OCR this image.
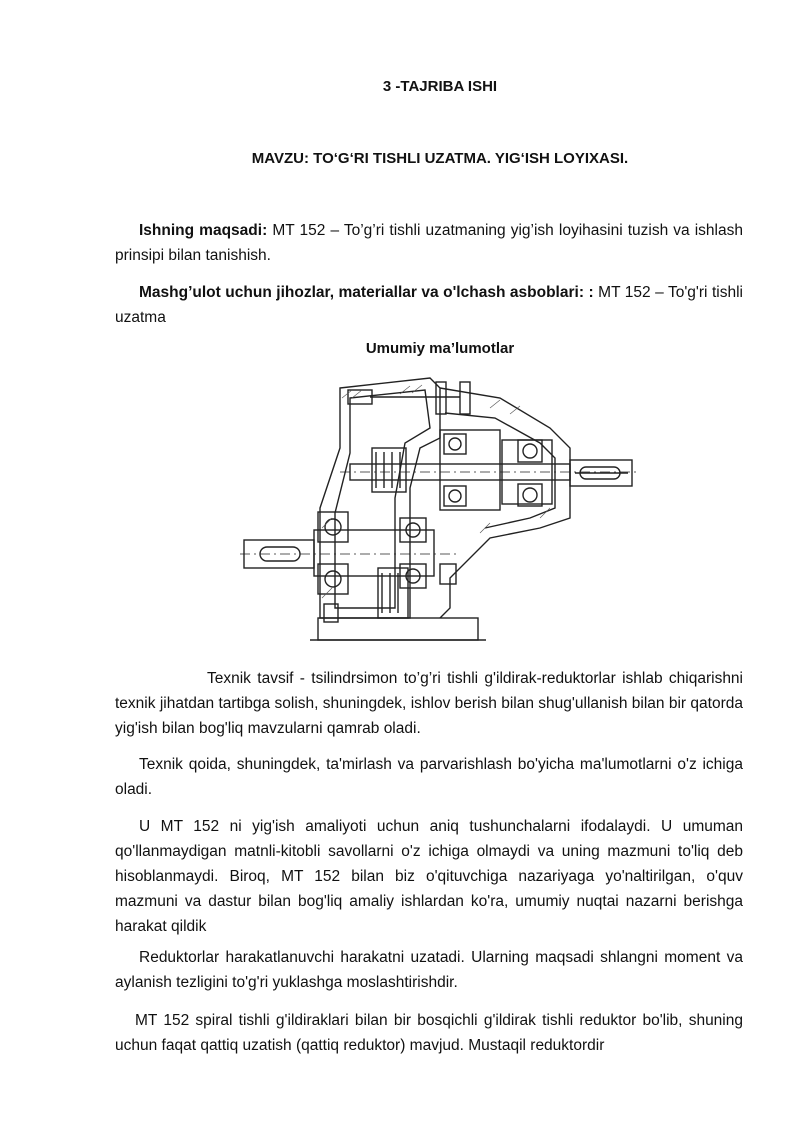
3 -TAJRIBA ISHI
MAVZU: TO‘G‘RI TISHLI UZATMA. YIG‘ISH LOYIXASI.
Ishning maqsadi: MT 152 – To’g’ri tishli uzatmaning yig’ish loyihasini tuzish va ishlash prinsipi bilan tanishish.
Mashg’ulot uchun jihozlar, materiallar va o'lchash asboblari: : MT 152 – To'g'ri tishli uzatma
Umumiy ma’lumotlar
Texnik tavsif - tsilindrsimon to’g’ri tishli g'ildirak-reduktorlar ishlab chiqarishni texnik jihatdan tartibga solish, shuningdek, ishlov berish bilan shug'ullanish bilan bir qatorda yig'ish bilan bog'liq mavzularni qamrab oladi.
Texnik qoida, shuningdek, ta'mirlash va parvarishlash bo'yicha ma'lumotlarni o'z ichiga oladi.
U MT 152 ni yig'ish amaliyoti uchun aniq tushunchalarni ifodalaydi. U umuman qo'llanmaydigan matnli-kitobli savollarni o'z ichiga olmaydi va uning mazmuni to'liq deb hisoblanmaydi. Biroq, MT 152 bilan biz o'qituvchiga nazariyaga yo'naltirilgan, o'quv mazmuni va dastur bilan bog'liq amaliy ishlardan ko'ra, umumiy nuqtai nazarni berishga harakat qildik
Reduktorlar harakatlanuvchi harakatni uzatadi. Ularning maqsadi shlangni moment va aylanish tezligini to'g'ri yuklashga moslashtirishdir.
MT 152 spiral tishli g'ildiraklari bilan bir bosqichli g'ildirak tishli reduktor bo'lib, shuning uchun faqat qattiq uzatish (qattiq reduktor) mavjud. Mustaqil reduktordir
